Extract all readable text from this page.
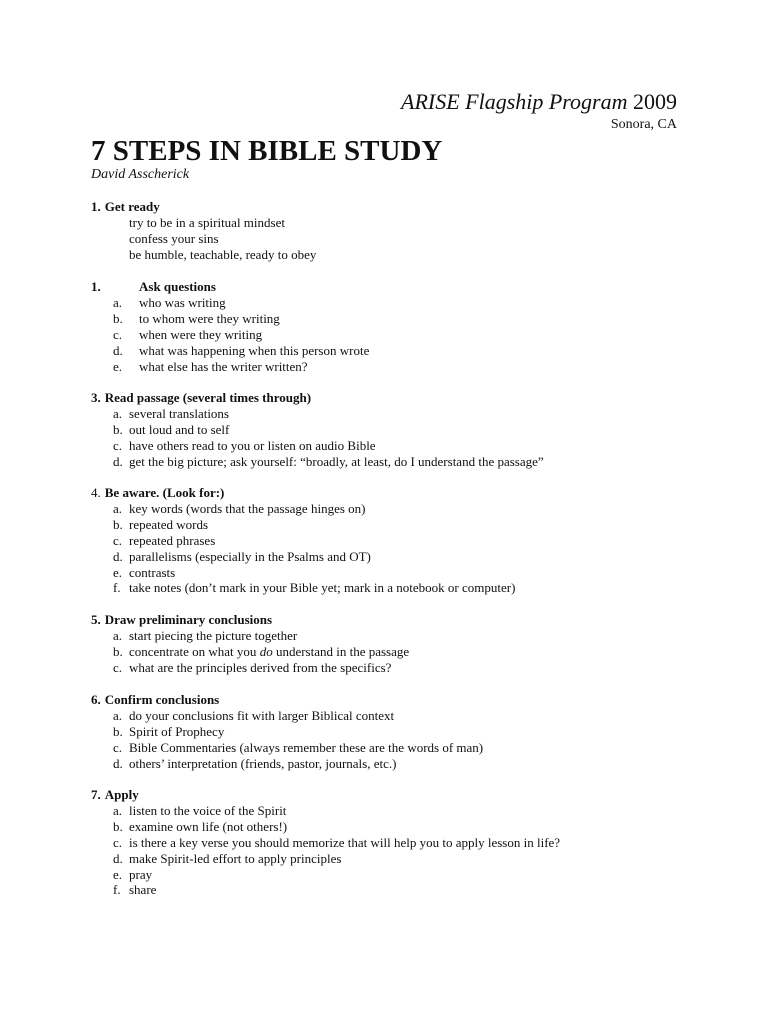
ARISE Flagship Program 2009
Sonora, CA
7 STEPS IN BIBLE STUDY
David Asscherick
1. Get ready
try to be in a spiritual mindset
confess your sins
be humble, teachable, ready to obey
1.	Ask questions
a. who was writing
b. to whom were they writing
c. when were they writing
d. what was happening when this person wrote
e. what else has the writer written?
3. Read passage (several times through)
a. several translations
b. out loud and to self
c. have others read to you or listen on audio Bible
d. get the big picture; ask yourself: “broadly, at least, do I understand the passage”
4. Be aware. (Look for:)
a. key words (words that the passage hinges on)
b. repeated words
c. repeated phrases
d. parallelisms (especially in the Psalms and OT)
e. contrasts
f. take notes (don’t mark in your Bible yet; mark in a notebook or computer)
5. Draw preliminary conclusions
a. start piecing the picture together
b. concentrate on what you do understand in the passage
c. what are the principles derived from the specifics?
6. Confirm conclusions
a. do your conclusions fit with larger Biblical context
b. Spirit of Prophecy
c. Bible Commentaries (always remember these are the words of man)
d. others’ interpretation (friends, pastor, journals, etc.)
7. Apply
a. listen to the voice of the Spirit
b. examine own life (not others!)
c. is there a key verse you should memorize that will help you to apply lesson in life?
d. make Spirit-led effort to apply principles
e. pray
f. share
